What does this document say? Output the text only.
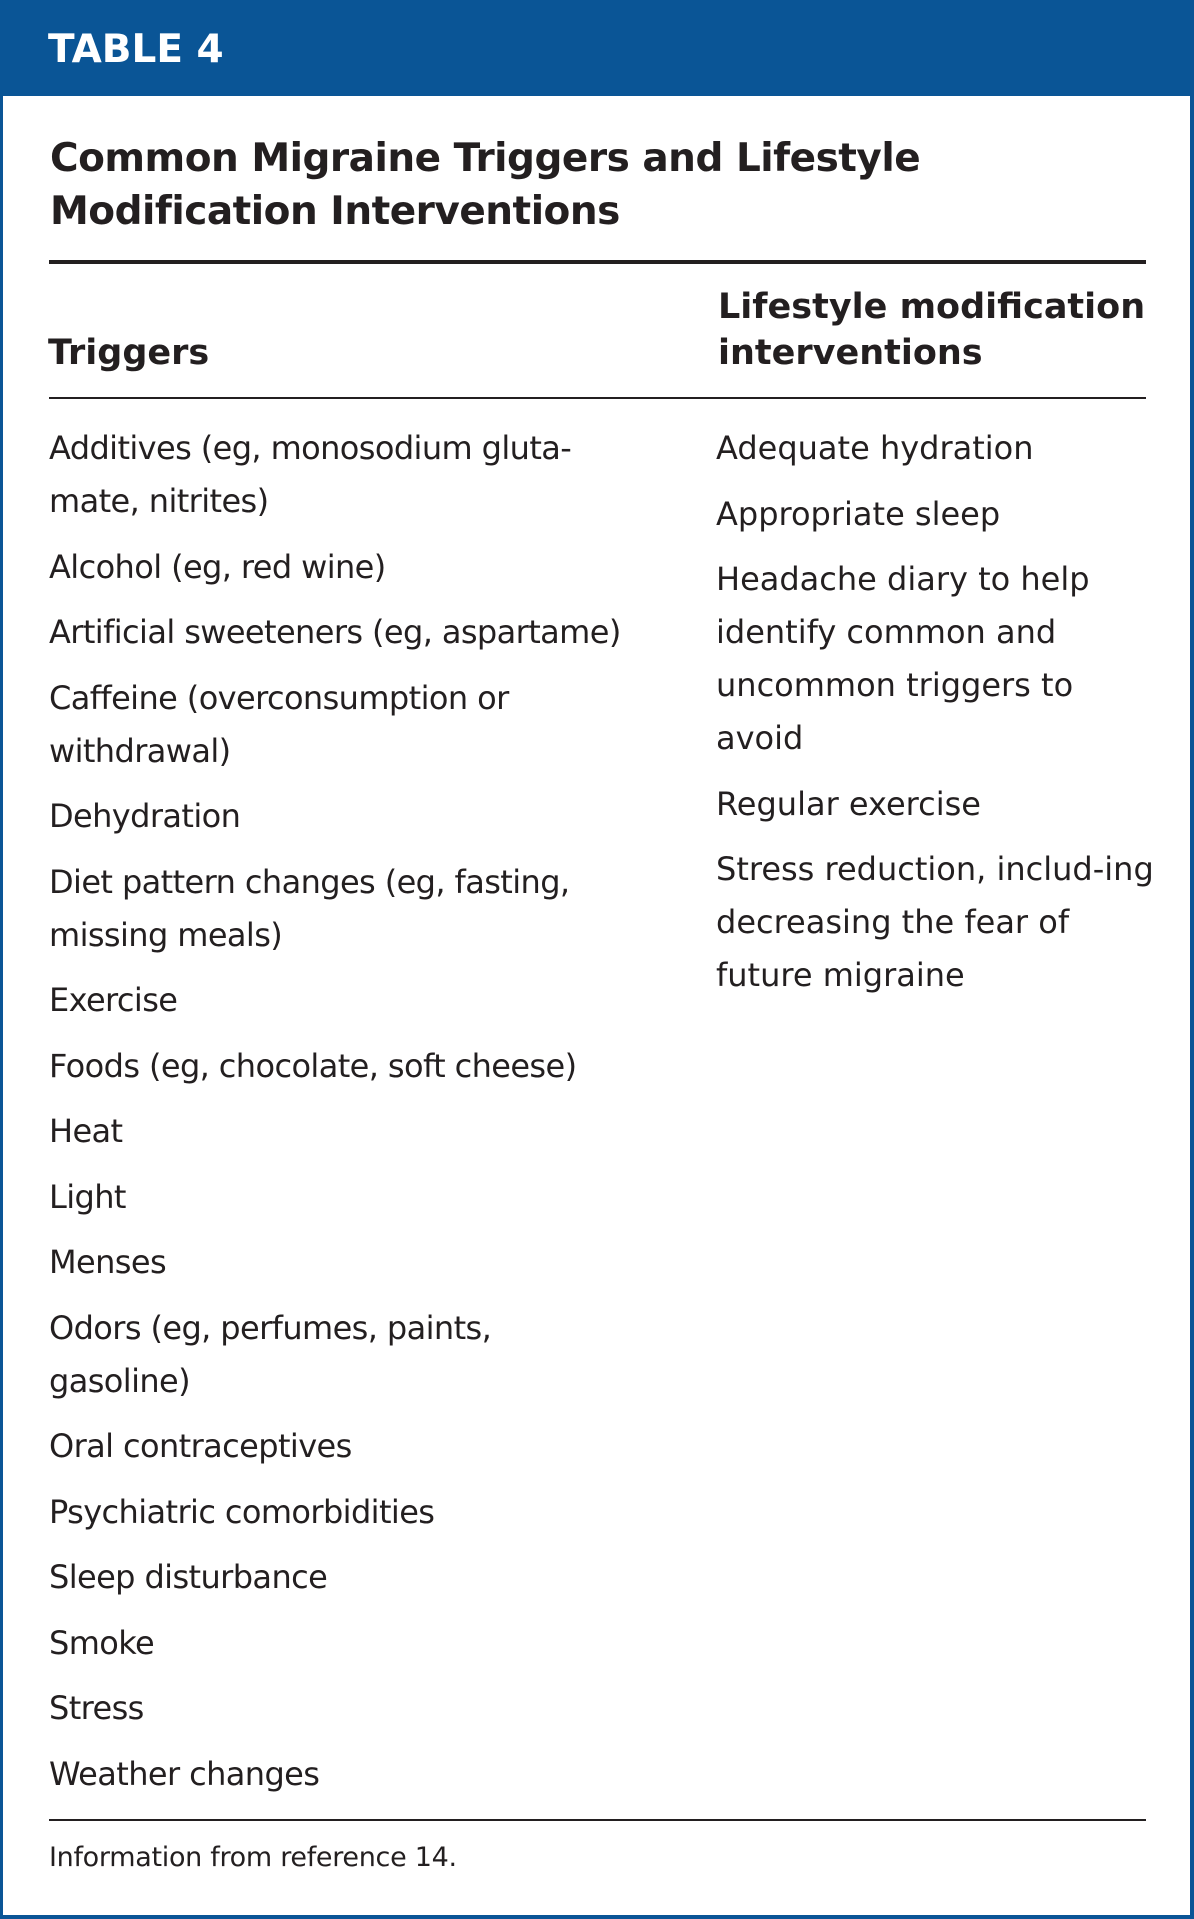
TABLE 4
Common Migraine Triggers and Lifestyle
Modification Interventions
Triggers
Lifestyle modification
interventions
Additives (eg, monosodium gluta-mate, nitrites)
Alcohol (eg, red wine)
Artificial sweeteners (eg, aspartame)
Caffeine (overconsumption or withdrawal)
Dehydration
Diet pattern changes (eg, fasting, missing meals)
Exercise
Foods (eg, chocolate, soft cheese)
Heat
Light
Menses
Odors (eg, perfumes, paints, gasoline)
Oral contraceptives
Psychiatric comorbidities
Sleep disturbance
Smoke
Stress
Weather changes
Adequate hydration
Appropriate sleep
Headache diary to help identify common and uncommon triggers to avoid
Regular exercise
Stress reduction, includ-ing decreasing the fear of future migraine
Information from reference 14.
